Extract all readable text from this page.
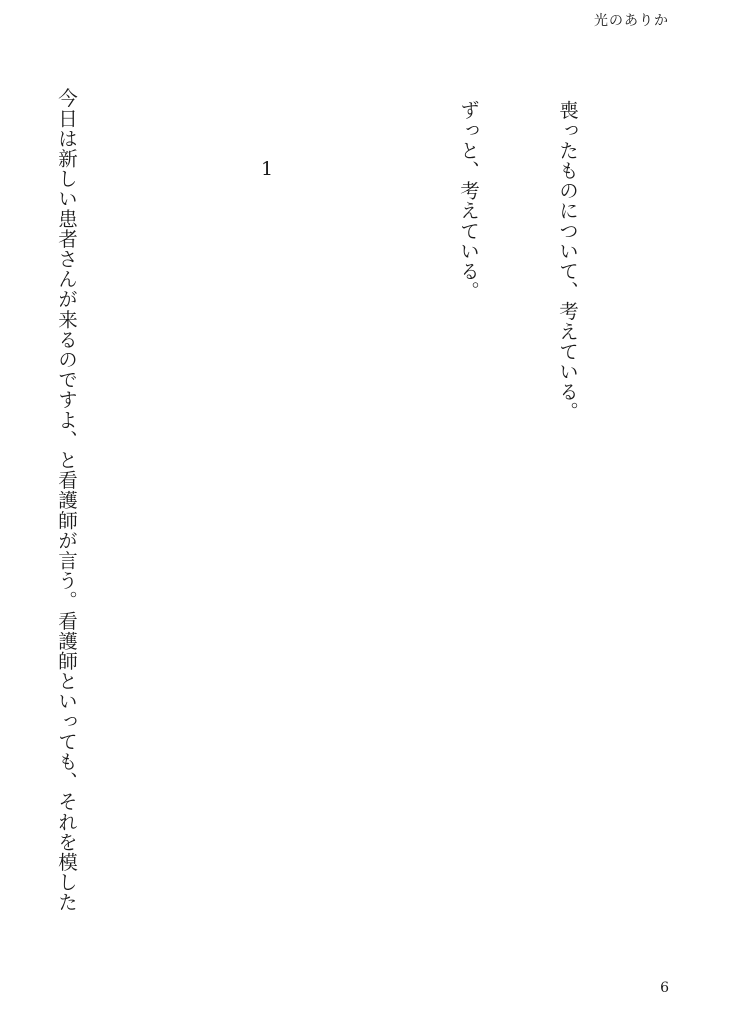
光のありか

喪ったものについて、考えている。

ずっと、考えている。

1

今日は新しい患者さんが来るのですよ、と看護師が言う。看護師といっても、それを模した

6
